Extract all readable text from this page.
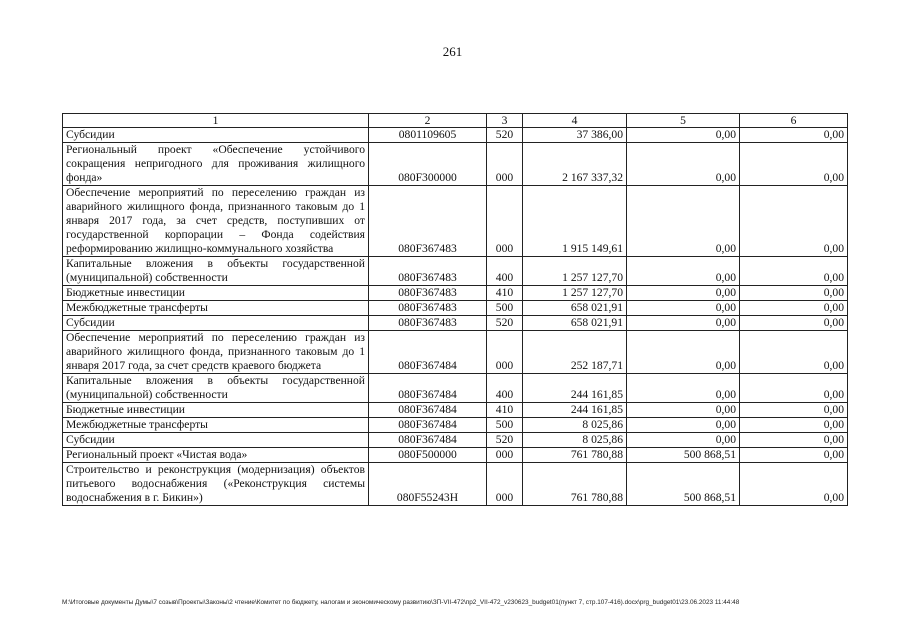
261
1	2	3	4	5	6
Субсидии	0801109605	520	37 386,00	0,00	0,00
Региональный проект «Обеспечение устойчивого сокращения непригодного для проживания жилищного фонда»	080F300000	000	2 167 337,32	0,00	0,00
Обеспечение мероприятий по переселению граждан из аварийного жилищного фонда, признанного таковым до 1 января 2017 года, за счет средств, поступивших от государственной корпорации – Фонда содействия реформированию жилищно-коммунального хозяйства	080F367483	000	1 915 149,61	0,00	0,00
Капитальные вложения в объекты государственной (муниципальной) собственности	080F367483	400	1 257 127,70	0,00	0,00
Бюджетные инвестиции	080F367483	410	1 257 127,70	0,00	0,00
Межбюджетные трансферты	080F367483	500	658 021,91	0,00	0,00
Субсидии	080F367483	520	658 021,91	0,00	0,00
Обеспечение мероприятий по переселению граждан из аварийного жилищного фонда, признанного таковым до 1 января 2017 года, за счет средств краевого бюджета	080F367484	000	252 187,71	0,00	0,00
Капитальные вложения в объекты государственной (муниципальной) собственности	080F367484	400	244 161,85	0,00	0,00
Бюджетные инвестиции	080F367484	410	244 161,85	0,00	0,00
Межбюджетные трансферты	080F367484	500	8 025,86	0,00	0,00
Субсидии	080F367484	520	8 025,86	0,00	0,00
Региональный проект «Чистая вода»	080F500000	000	761 780,88	500 868,51	0,00
Строительство и реконструкция (модернизация) объектов питьевого водоснабжения («Реконструкция системы водоснабжения в г. Бикин»)	080F55243Н	000	761 780,88	500 868,51	0,00
M:\Итоговые документы Думы\7 созыв\Проекты\Законы\2 чтение\Комитет по бюджету, налогам и экономическому развитию\ЗП-VII-472\пр2_VII-472_v230623_budget01(пункт 7, стр.107-416).docx\prg_budget01\23.06.2023 11:44:48
